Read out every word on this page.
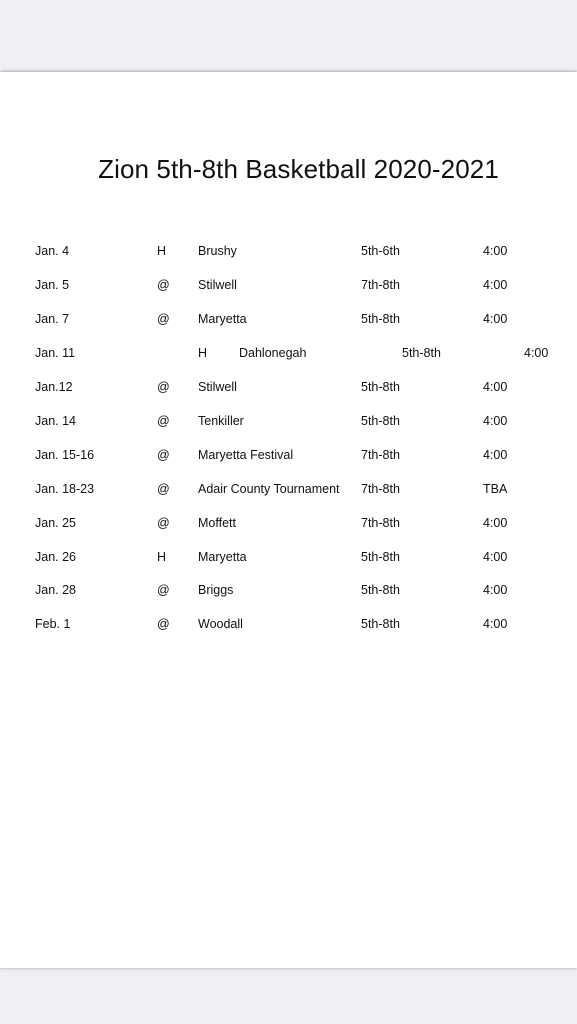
Zion 5th-8th Basketball 2020-2021
Jan. 4	H	Brushy	5th-6th	4:00
Jan. 5	@ Stilwell	7th-8th	4:00
Jan. 7	@ Maryetta	5th-8th	4:00
Jan. 11	H	Dahlonegah	5th-8th	4:00
Jan.12	@ Stilwell	5th-8th	4:00
Jan. 14	@ Tenkiller	5th-8th	4:00
Jan. 15-16	@ Maryetta Festival	7th-8th	4:00
Jan. 18-23	@ Adair County Tournament 7th-8th	TBA
Jan. 25	@ Moffett	7th-8th	4:00
Jan. 26	H	Maryetta	5th-8th	4:00
Jan. 28	@ Briggs	5th-8th	4:00
Feb. 1	@ Woodall	5th-8th	4:00
